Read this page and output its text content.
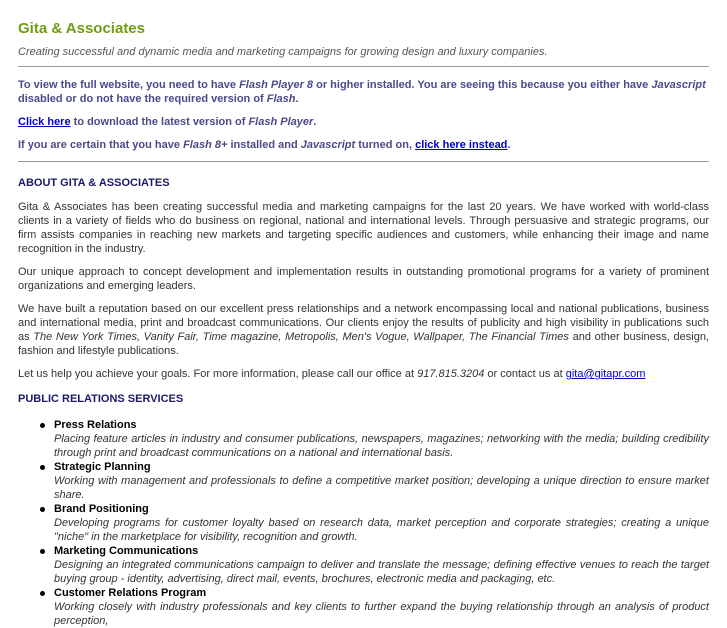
Gita & Associates

Creating successful and dynamic media and marketing campaigns for growing design and luxury companies.

To view the full website, you need to have Flash Player 8 or higher installed. You are seeing this because you either have Javascript disabled or do not have the required version of Flash.

Click here to download the latest version of Flash Player.

If you are certain that you have Flash 8+ installed and Javascript turned on, click here instead.

ABOUT GITA & ASSOCIATES

Gita & Associates has been creating successful media and marketing campaigns for the last 20 years. We have worked with world-class clients in a variety of fields who do business on regional, national and international levels. Through persuasive and strategic programs, our firm assists companies in reaching new markets and targeting specific audiences and customers, while enhancing their image and name recognition in the industry.

Our unique approach to concept development and implementation results in outstanding promotional programs for a variety of prominent organizations and emerging leaders.

We have built a reputation based on our excellent press relationships and a network encompassing local and national publications, business and international media, print and broadcast communications. Our clients enjoy the results of publicity and high visibility in publications such as The New York Times, Vanity Fair, Time magazine, Metropolis, Men's Vogue, Wallpaper, The Financial Times and other business, design, fashion and lifestyle publications.

Let us help you achieve your goals. For more information, please call our office at 917.815.3204 or contact us at gita@gitapr.com

PUBLIC RELATIONS SERVICES
Press Relations
Placing feature articles in industry and consumer publications, newspapers, magazines; networking with the media; building credibility through print and broadcast communications on a national and international basis.
Strategic Planning
Working with management and professionals to define a competitive market position; developing a unique direction to ensure market share.
Brand Positioning
Developing programs for customer loyalty based on research data, market perception and corporate strategies; creating a unique "niche" in the marketplace for visibility, recognition and growth.
Marketing Communications
Designing an integrated communications campaign to deliver and translate the message; defining effective venues to reach the target buying group - identity, advertising, direct mail, events, brochures, electronic media and packaging, etc.
Customer Relations Program
Working closely with industry professionals and key clients to further expand the buying relationship through an analysis of product perception,
